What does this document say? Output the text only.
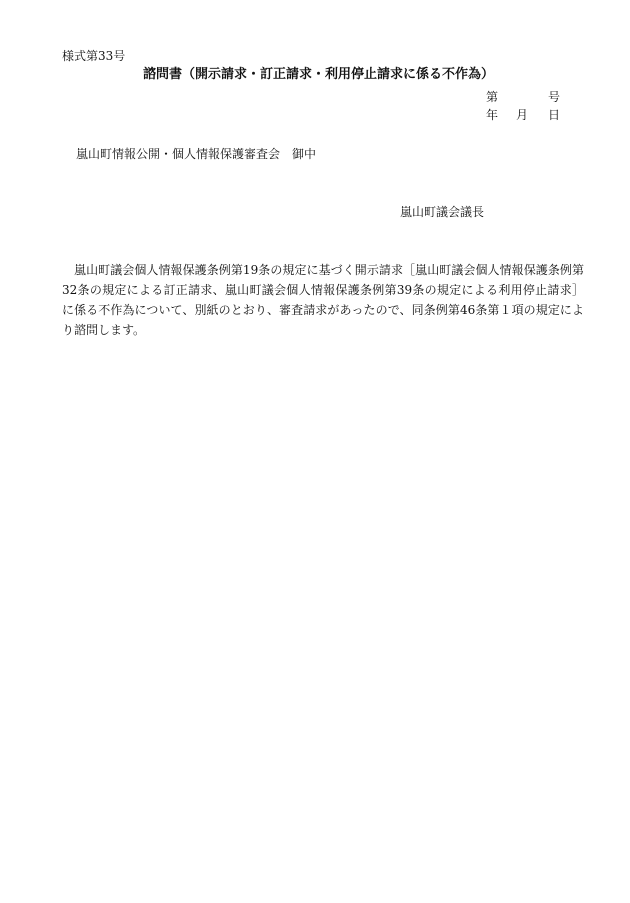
様式第33号
諮問書（開示請求・訂正請求・利用停止請求に係る不作為）
第	号
年 月 日
嵐山町情報公開・個人情報保護審査会　御中
嵐山町議会議長
嵐山町議会個人情報保護条例第19条の規定に基づく開示請求［嵐山町議会個人情報保護条例第32条の規定による訂正請求、嵐山町議会個人情報保護条例第39条の規定による利用停止請求］に係る不作為について、別紙のとおり、審査請求があったので、同条例第46条第１項の規定により諮問します。
